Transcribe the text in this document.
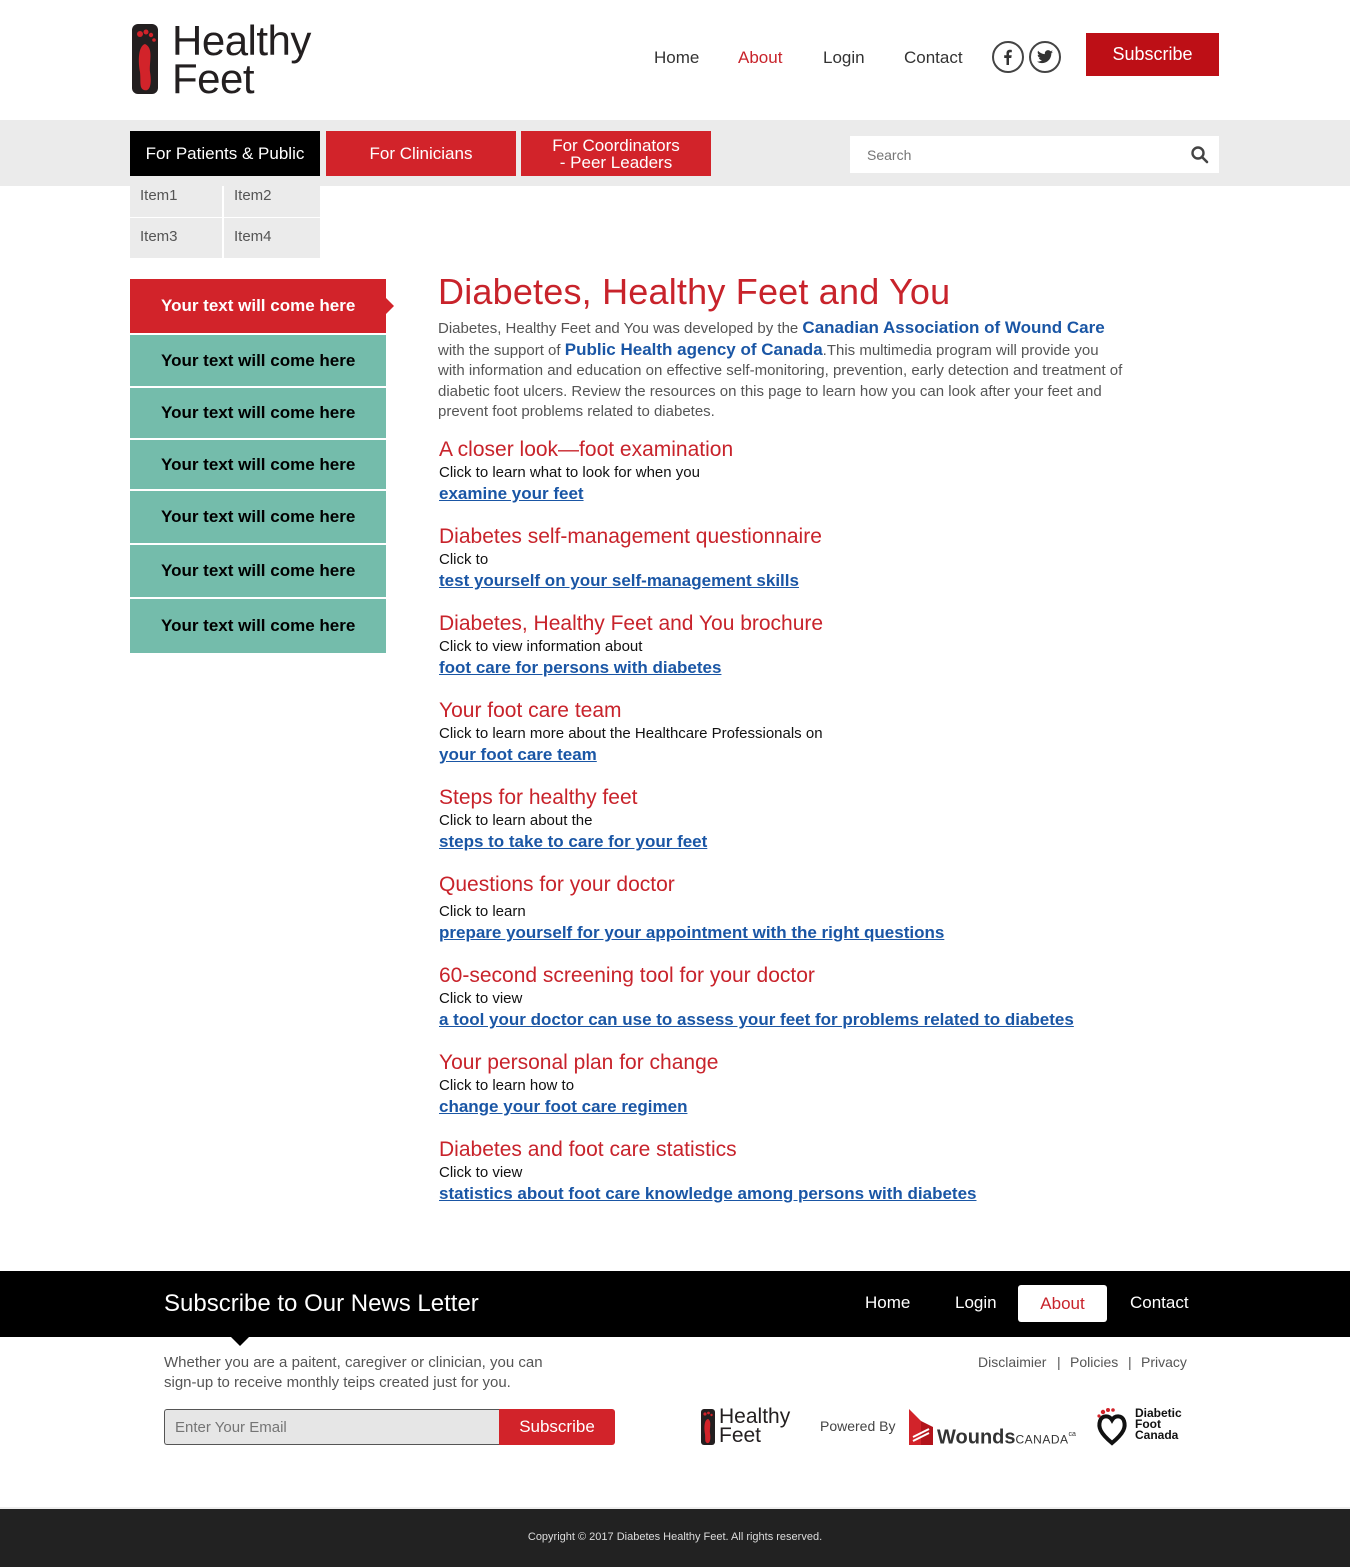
Healthy
Feet	Home About Login Contact	Subscribe
For Patients & Public	For Clinicians	For Coordinators
- Peer Leaders
Search
Item1	Item2
Item3	Item4
Your text will come here
Your text will come here
Your text will come here
Your text will come here
Your text will come here
Your text will come here
Your text will come here
Diabetes, Healthy Feet and You

Diabetes, Healthy Feet and You was developed by the Canadian Association of Wound Care with the support of Public Health agency of Canada.This multimedia program will provide you with information and education on effective self-monitoring, prevention, early detection and treatment of diabetic foot ulcers. Review the resources on this page to learn how you can look after your feet and prevent foot problems related to diabetes.

A closer look—foot examination
Click to learn what to look for when you
examine your feet
Diabetes self-management questionnaire
Click to
test yourself on your self-management skills
Diabetes, Healthy Feet and You brochure
Click to view information about
foot care for persons with diabetes
Your foot care team
Click to learn more about the Healthcare Professionals on
your foot care team
Steps for healthy feet
Click to learn about the
steps to take to care for your feet
Questions for your doctor
Click to learn
prepare yourself for your appointment with the right questions
60-second screening tool for your doctor
Click to view
a tool your doctor can use to assess your feet for problems related to diabetes
Your personal plan for change
Click to learn how to
change your foot care regimen
Diabetes and foot care statistics
Click to view
statistics about foot care knowledge among persons with diabetes
Subscribe to Our News Letter	Home	Login	About	Contact
Whether you are a paitent, caregiver or clinician, you can sign-up to receive monthly teips created just for you.
Disclaimier | Policies | Privacy
Enter Your Email
Subscribe	Healthy
Feet	Powered By
WoundsCANADA$^{ca}$
Diabetic
Foot
Canada
Copyright © 2017 Diabetes Healthy Feet. All rights reserved.
